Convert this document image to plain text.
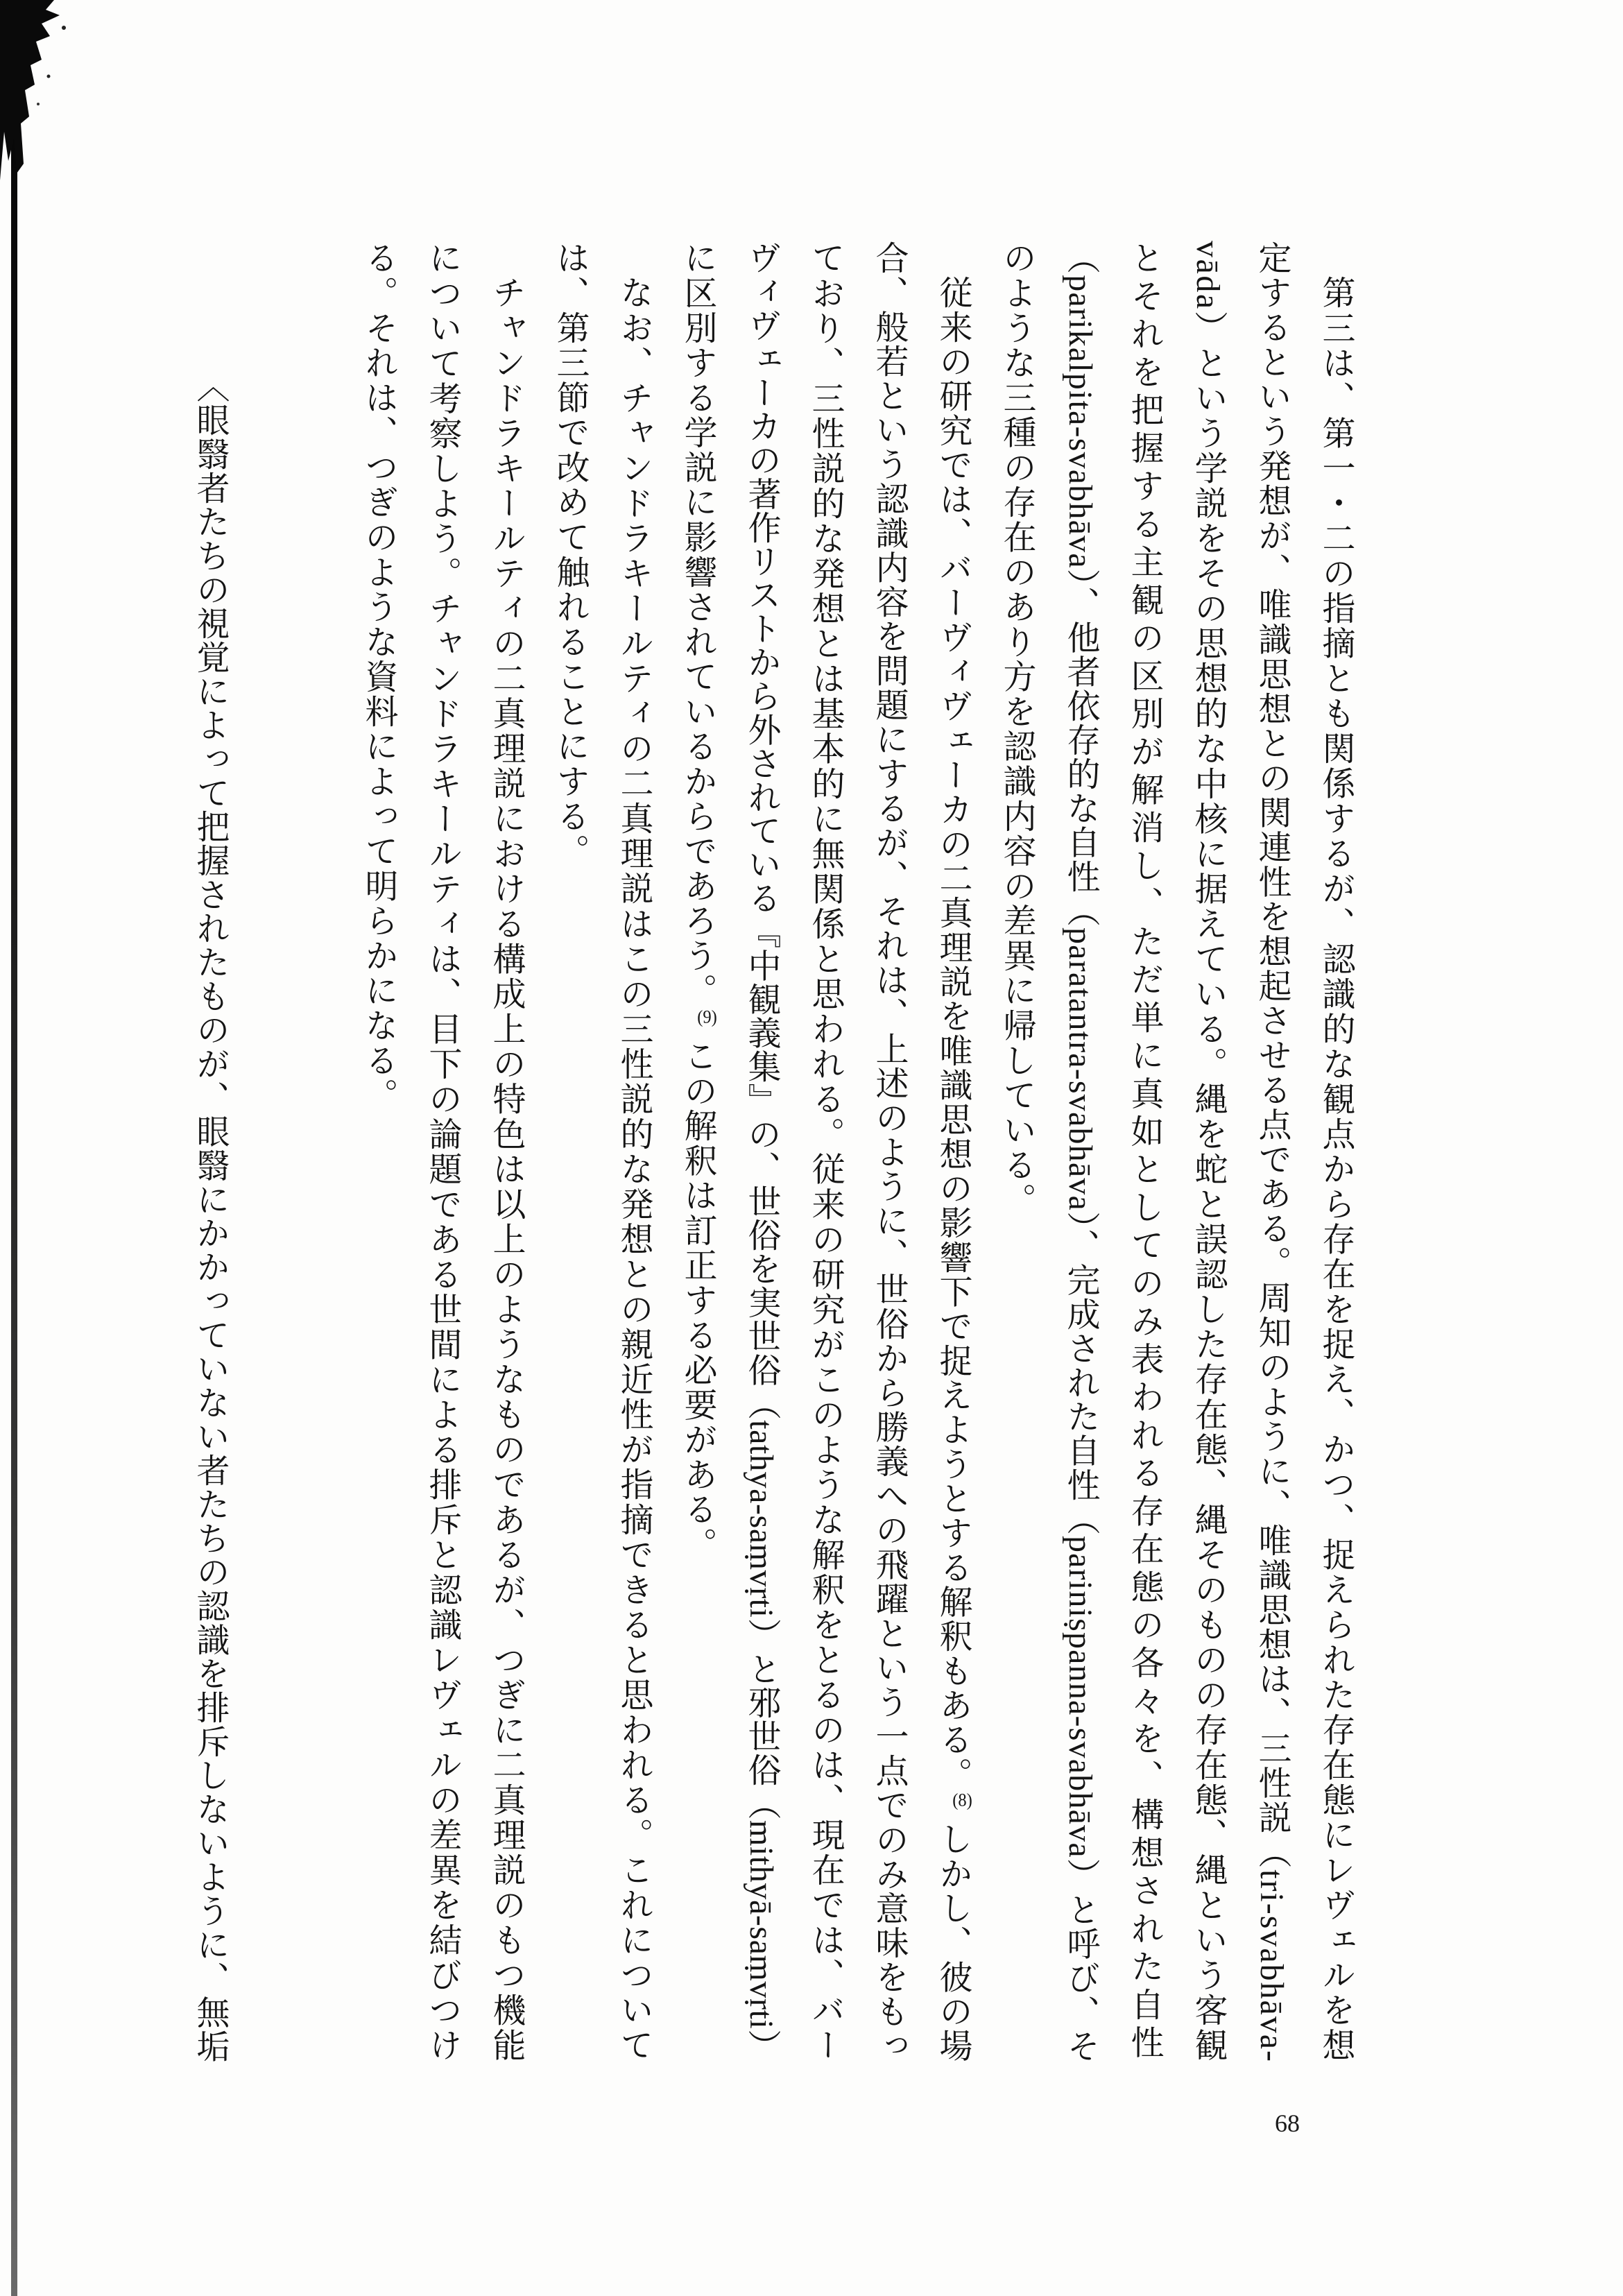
第三は、第一・二の指摘とも関係するが、認識的な観点から存在を捉え、かつ、捉えられた存在態にレヴェルを想
定するという発想が、唯識思想との関連性を想起させる点である。周知のように、唯識思想は、三性説（tri-svabhāva-
vāda）という学説をその思想的な中核に据えている。縄を蛇と誤認した存在態、縄そのものの存在態、縄という客観
とそれを把握する主観の区別が解消し、ただ単に真如としてのみ表われる存在態の各々を、構想された自性
（parikalpita-svabhāva）、他者依存的な自性（paratantra-svabhāva）、完成された自性（pariniṣpanna-svabhāva）と呼び、そ
のような三種の存在のあり方を認識内容の差異に帰している。
従来の研究では、バーヴィヴェーカの二真理説を唯識思想の影響下で捉えようとする解釈もある。(8)しかし、彼の場
合、般若という認識内容を問題にするが、それは、上述のように、世俗から勝義への飛躍という一点でのみ意味をもっ
ており、三性説的な発想とは基本的に無関係と思われる。従来の研究がこのような解釈をとるのは、現在では、バー
ヴィヴェーカの著作リストから外されている『中観義集』の、世俗を実世俗（tathya-saṃvṛti）と邪世俗（mithyā-saṃvṛti）
に区別する学説に影響されているからであろう。(9)この解釈は訂正する必要がある。
なお、チャンドラキールティの二真理説はこの三性説的な発想との親近性が指摘できると思われる。これについて
は、第三節で改めて触れることにする。
チャンドラキールティの二真理説における構成上の特色は以上のようなものであるが、つぎに二真理説のもつ機能
について考察しよう。チャンドラキールティは、目下の論題である世間による排斥と認識レヴェルの差異を結びつけ
る。それは、つぎのような資料によって明らかになる。
〈眼翳者たちの視覚によって把握されたものが、眼翳にかかっていない者たちの認識を排斥しないように、無垢
68
